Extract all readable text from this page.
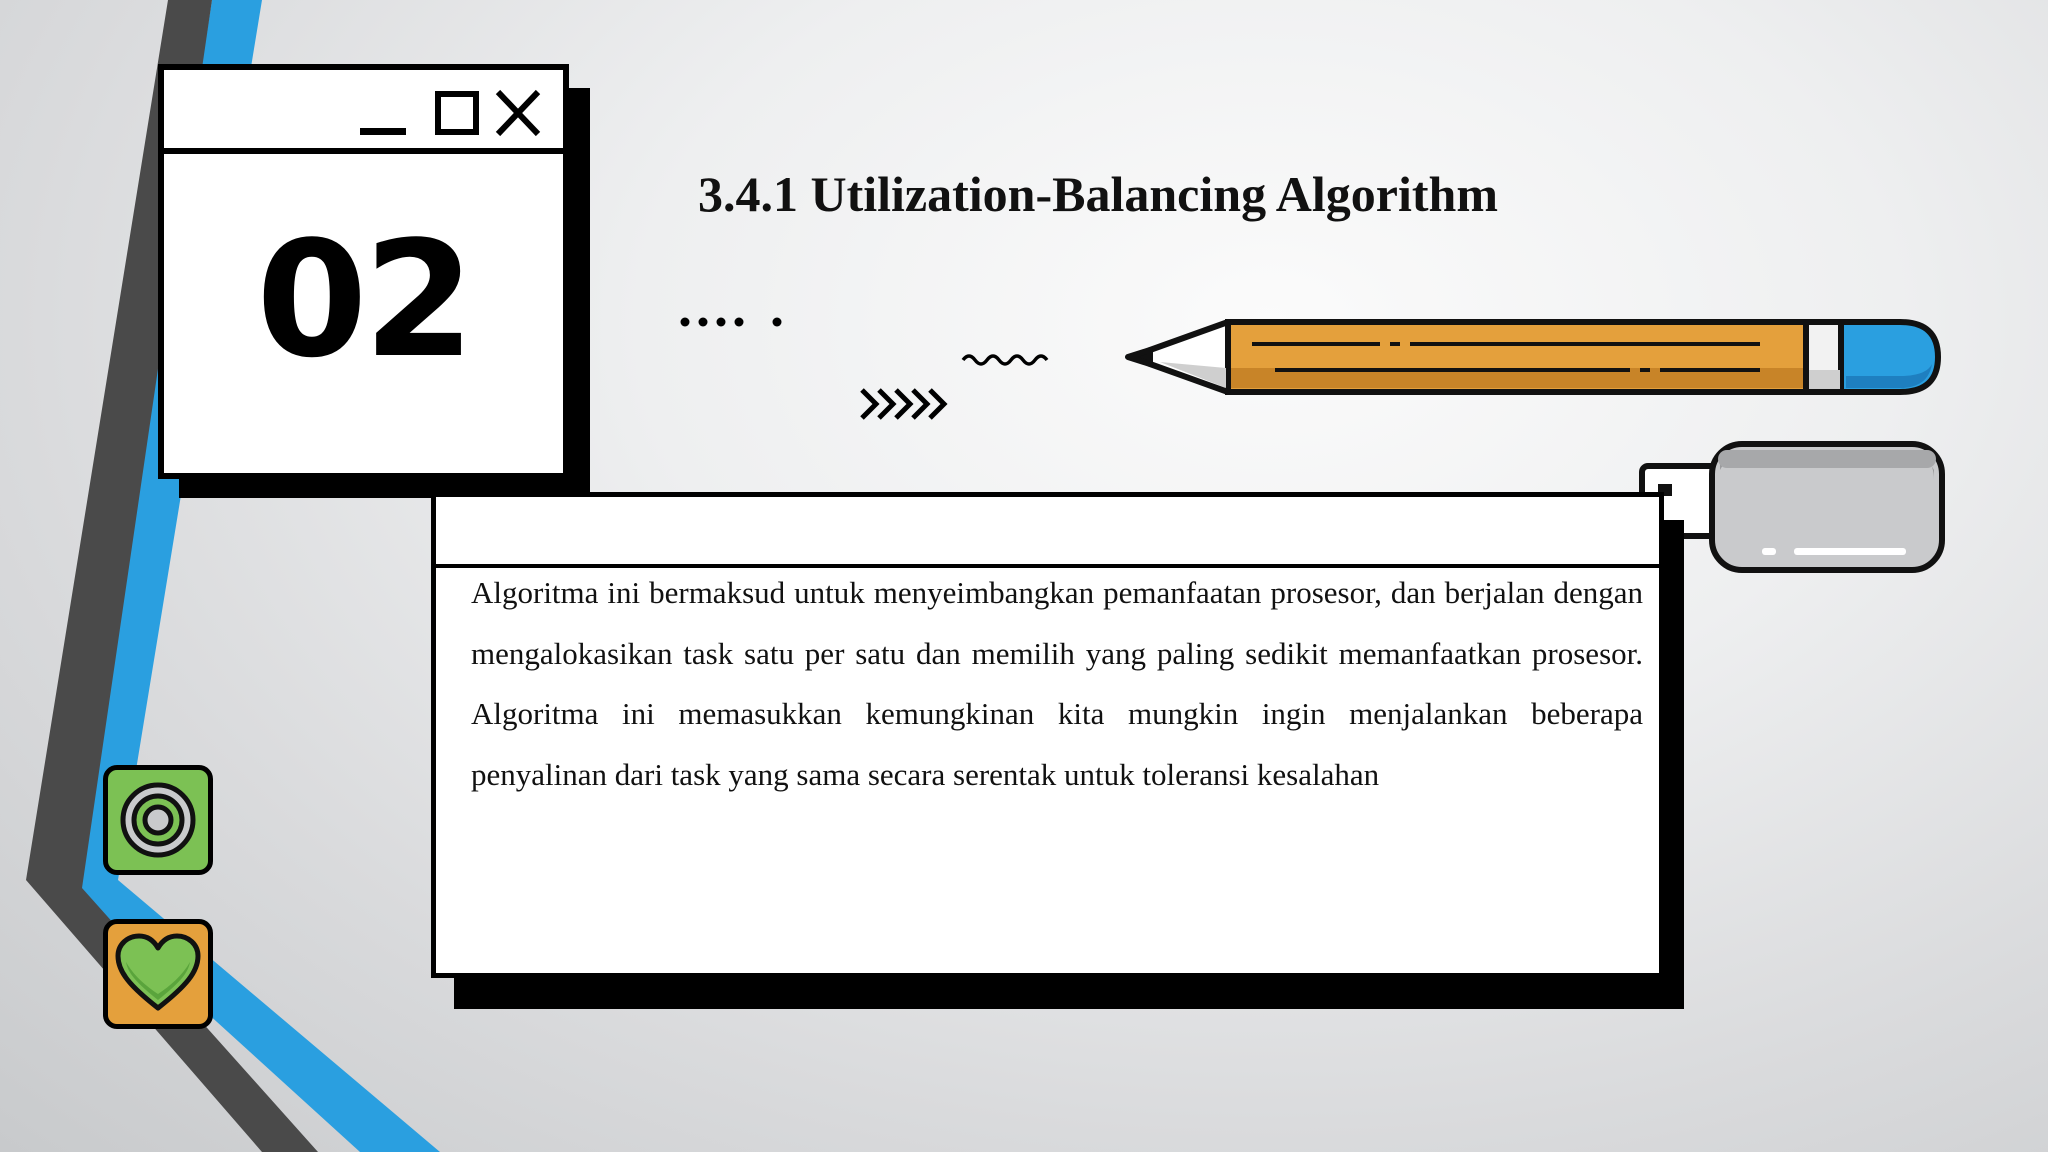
02
3.4.1 Utilization-Balancing Algorithm
Algoritma ini bermaksud untuk menyeimbangkan pemanfaatan prosesor, dan berjalan dengan mengalokasikan task satu per satu dan memilih yang paling sedikit memanfaatkan prosesor. Algoritma ini memasukkan kemungkinan kita mungkin ingin menjalankan beberapa penyalinan dari task yang sama secara serentak untuk toleransi kesalahan
